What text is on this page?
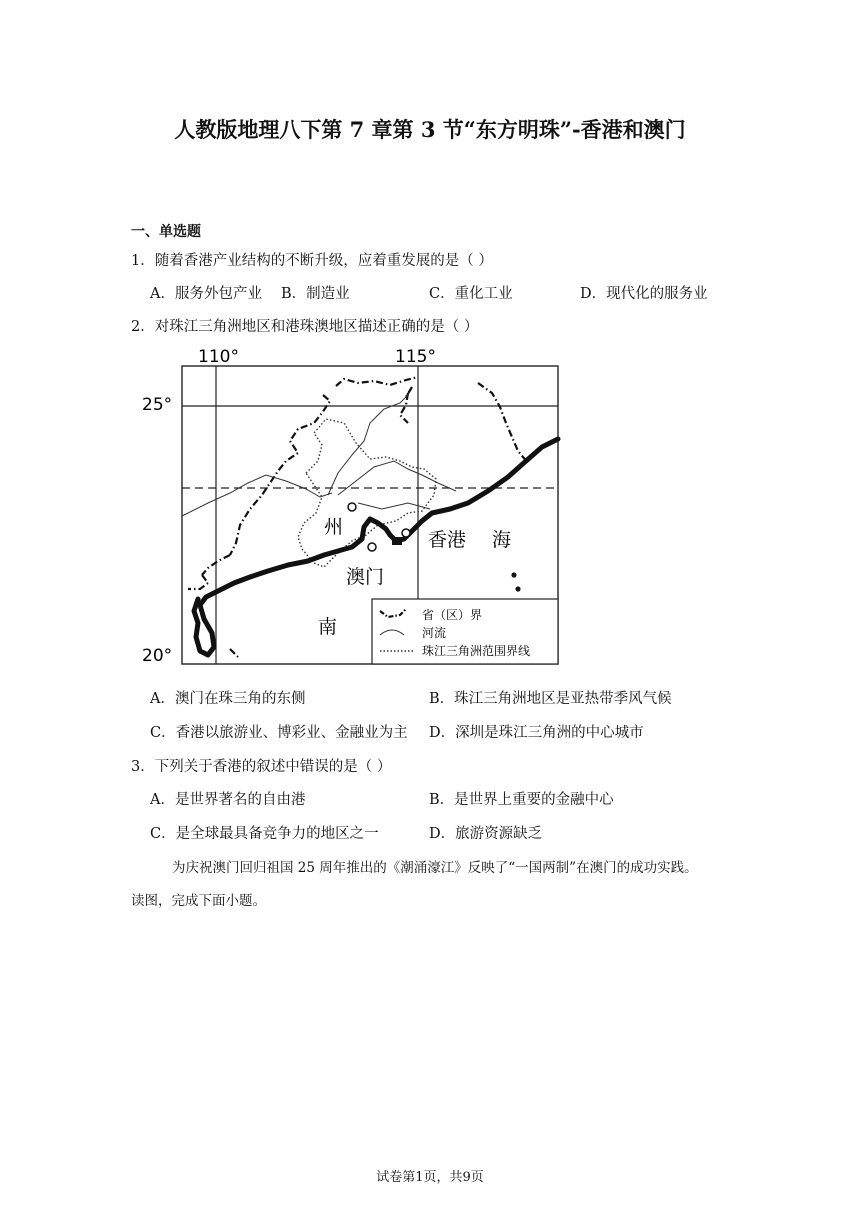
人教版地理八下第 7 章第 3 节“东方明珠”-香港和澳门
一、单选题
1．随着香港产业结构的不断升级，应着重发展的是（ ）
A．服务外包产业 B．制造业	C．重化工业	D．现代化的服务业
2．对珠江三角洲地区和港珠澳地区描述正确的是（ ）
110°	115°
25°
20°
州
香港 海
澳门
南
省（区）界
河流
珠江三角洲范围界线
A．澳门在珠三角的东侧	B．珠江三角洲地区是亚热带季风气候
C．香港以旅游业、博彩业、金融业为主 D．深圳是珠江三角洲的中心城市
3．下列关于香港的叙述中错误的是（ ）
A．是世界著名的自由港	B．是世界上重要的金融中心
C．是全球最具备竞争力的地区之一	D．旅游资源缺乏
为庆祝澳门回归祖国 25 周年推出的《潮涌濠江》反映了“一国两制”在澳门的成功实践。
读图，完成下面小题。
试卷第1页，共9页
